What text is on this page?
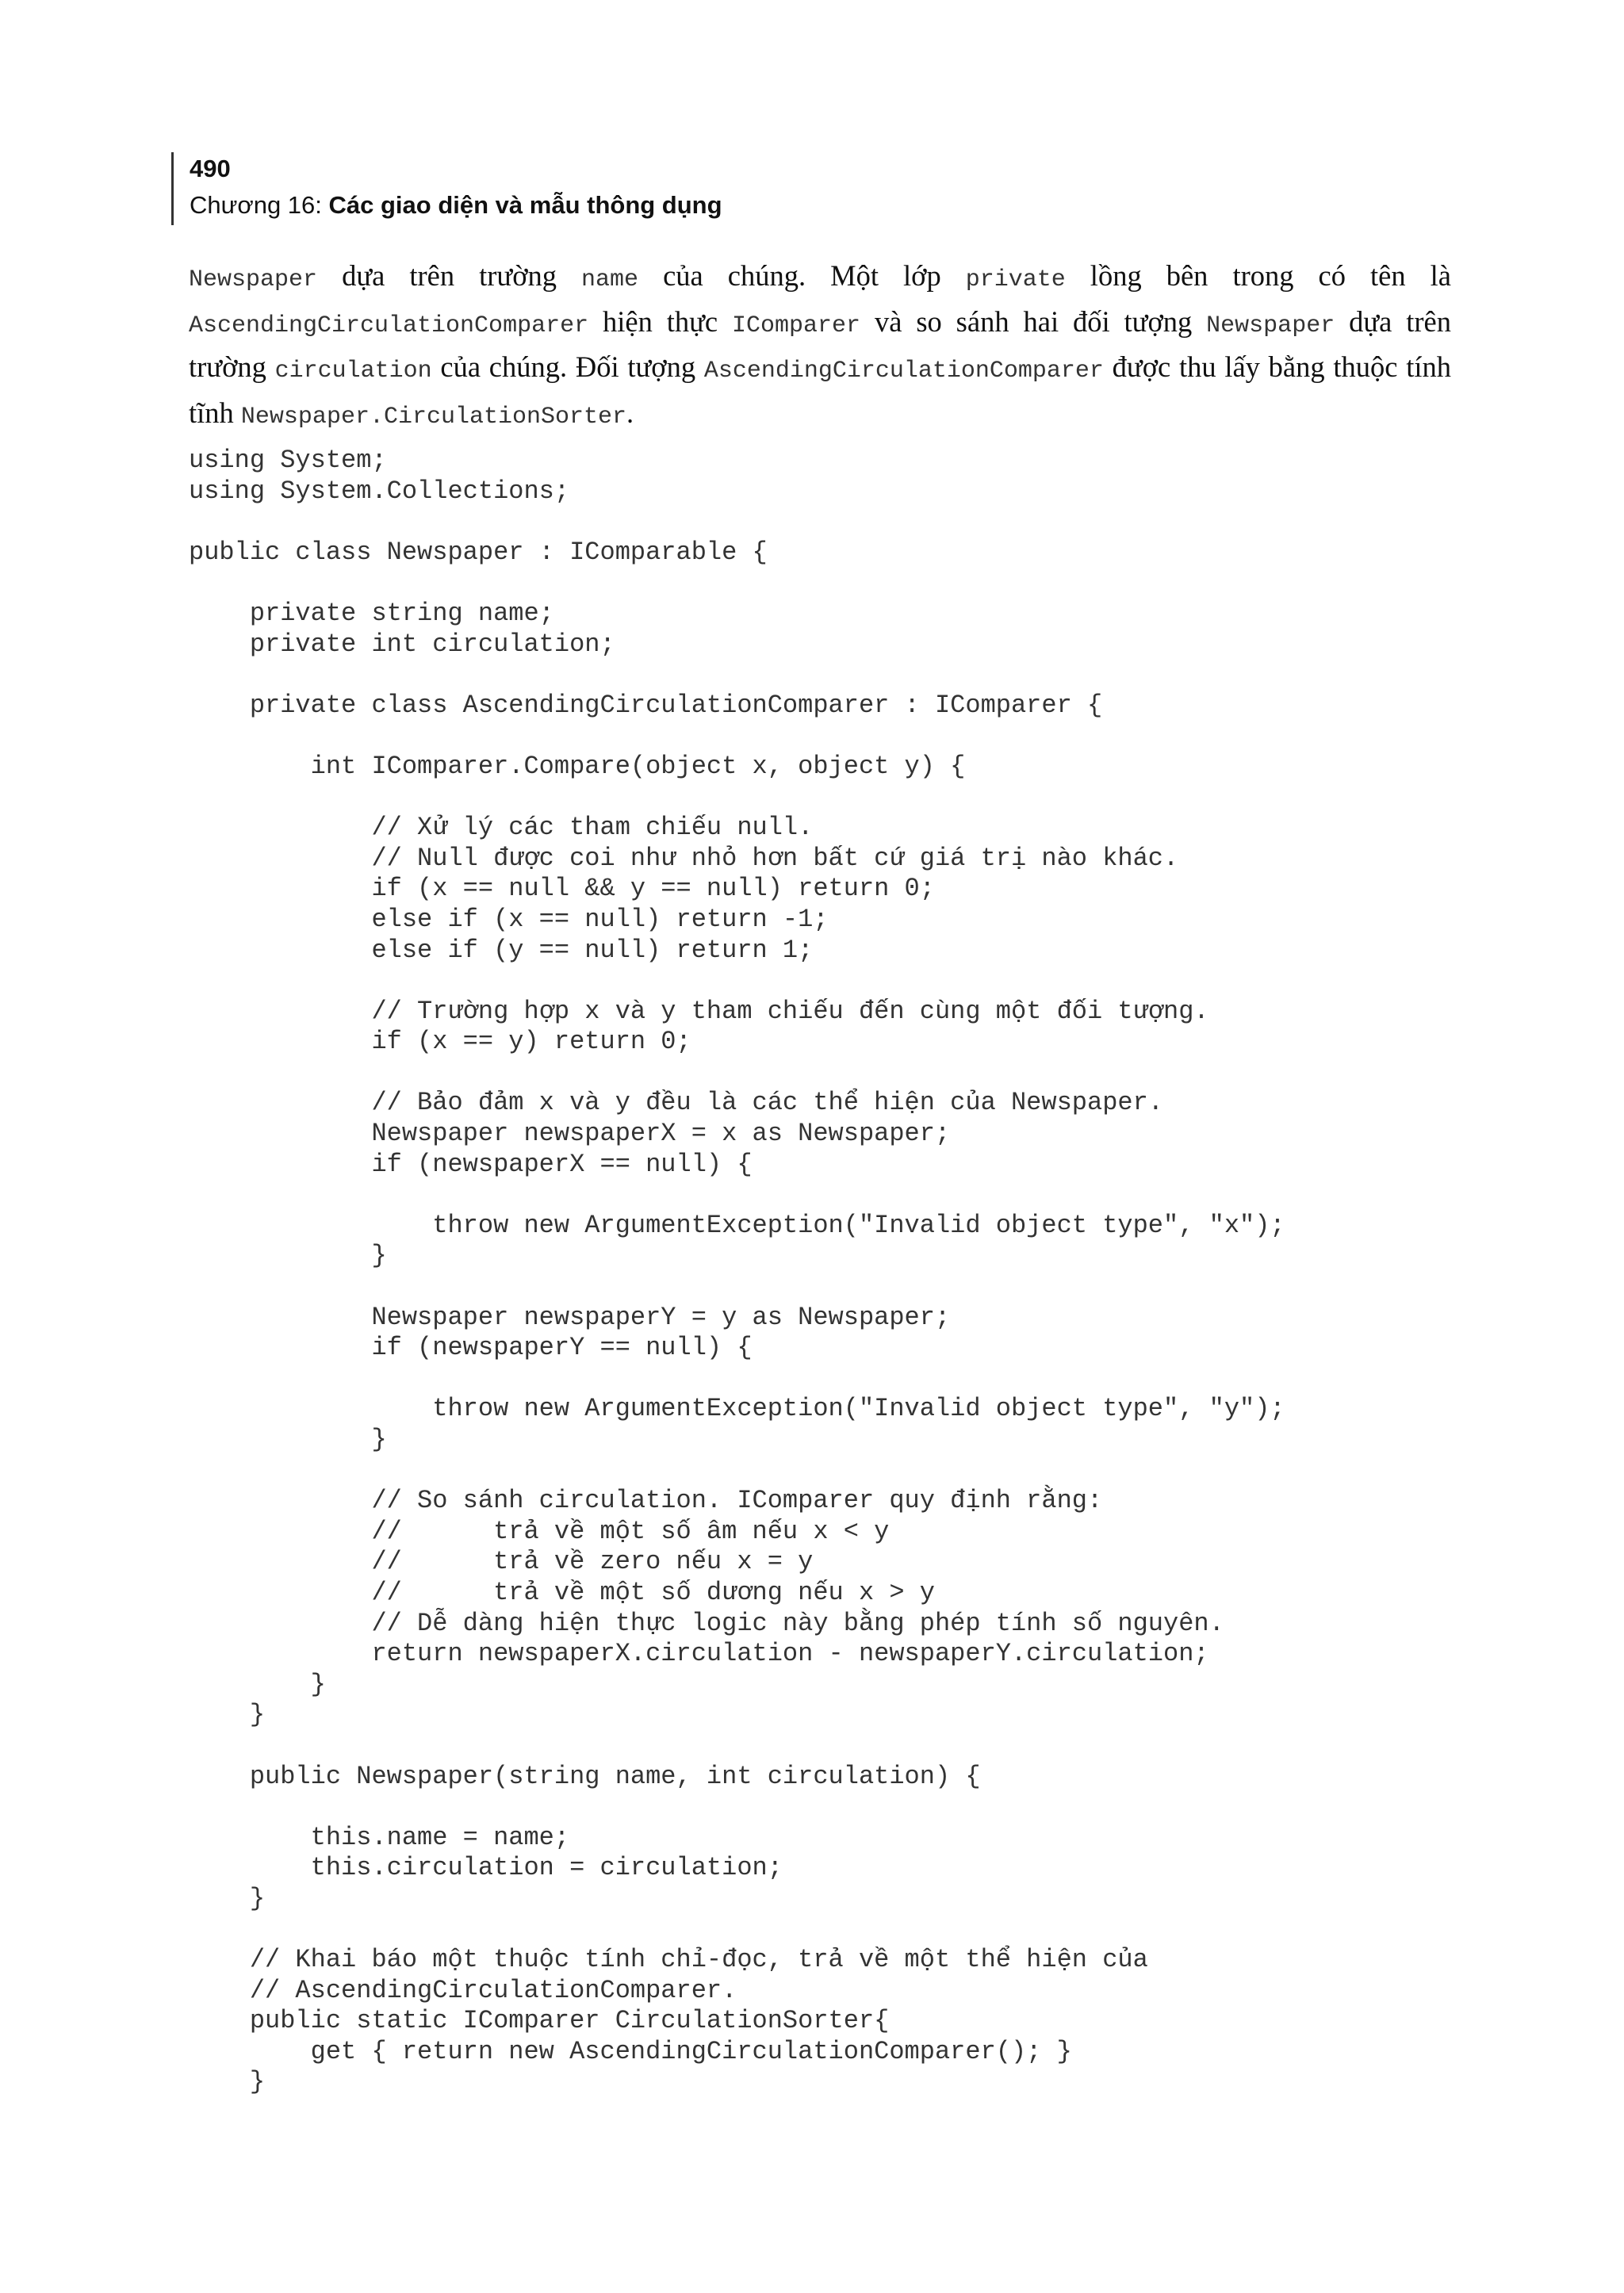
490
Chương 16: Các giao diện và mẫu thông dụng

Newspaper dựa trên trường name của chúng. Một lớp private lồng bên trong có tên là AscendingCirculationComparer hiện thực IComparer và so sánh hai đối tượng Newspaper dựa trên trường circulation của chúng. Đối tượng AscendingCirculationComparer được thu lấy bằng thuộc tính tĩnh Newspaper.CirculationSorter.

using System;
using System.Collections;
public class Newspaper : IComparable {
private string name;
private int circulation;
private class AscendingCirculationComparer : IComparer {
int IComparer.Compare(object x, object y) {
// Xử lý các tham chiếu null.
// Null được coi như nhỏ hơn bất cứ giá trị nào khác.
if (x == null && y == null) return 0;
else if (x == null) return -1;
else if (y == null) return 1;
// Trường hợp x và y tham chiếu đến cùng một đối tượng.
if (x == y) return 0;
// Bảo đảm x và y đều là các thể hiện của Newspaper.
Newspaper newspaperX = x as Newspaper;
if (newspaperX == null) {
throw new ArgumentException("Invalid object type", "x");
}
Newspaper newspaperY = y as Newspaper;
if (newspaperY == null) {
throw new ArgumentException("Invalid object type", "y");
}
// So sánh circulation. IComparer quy định rằng:
//      trả về một số âm nếu x < y
//      trả về zero nếu x = y
//      trả về một số dương nếu x > y
// Dễ dàng hiện thực logic này bằng phép tính số nguyên.
return newspaperX.circulation - newspaperY.circulation;
}
}
public Newspaper(string name, int circulation) {
this.name = name;
this.circulation = circulation;
}
// Khai báo một thuộc tính chỉ-đọc, trả về một thể hiện của
// AscendingCirculationComparer.
public static IComparer CirculationSorter{
get { return new AscendingCirculationComparer(); }
}
